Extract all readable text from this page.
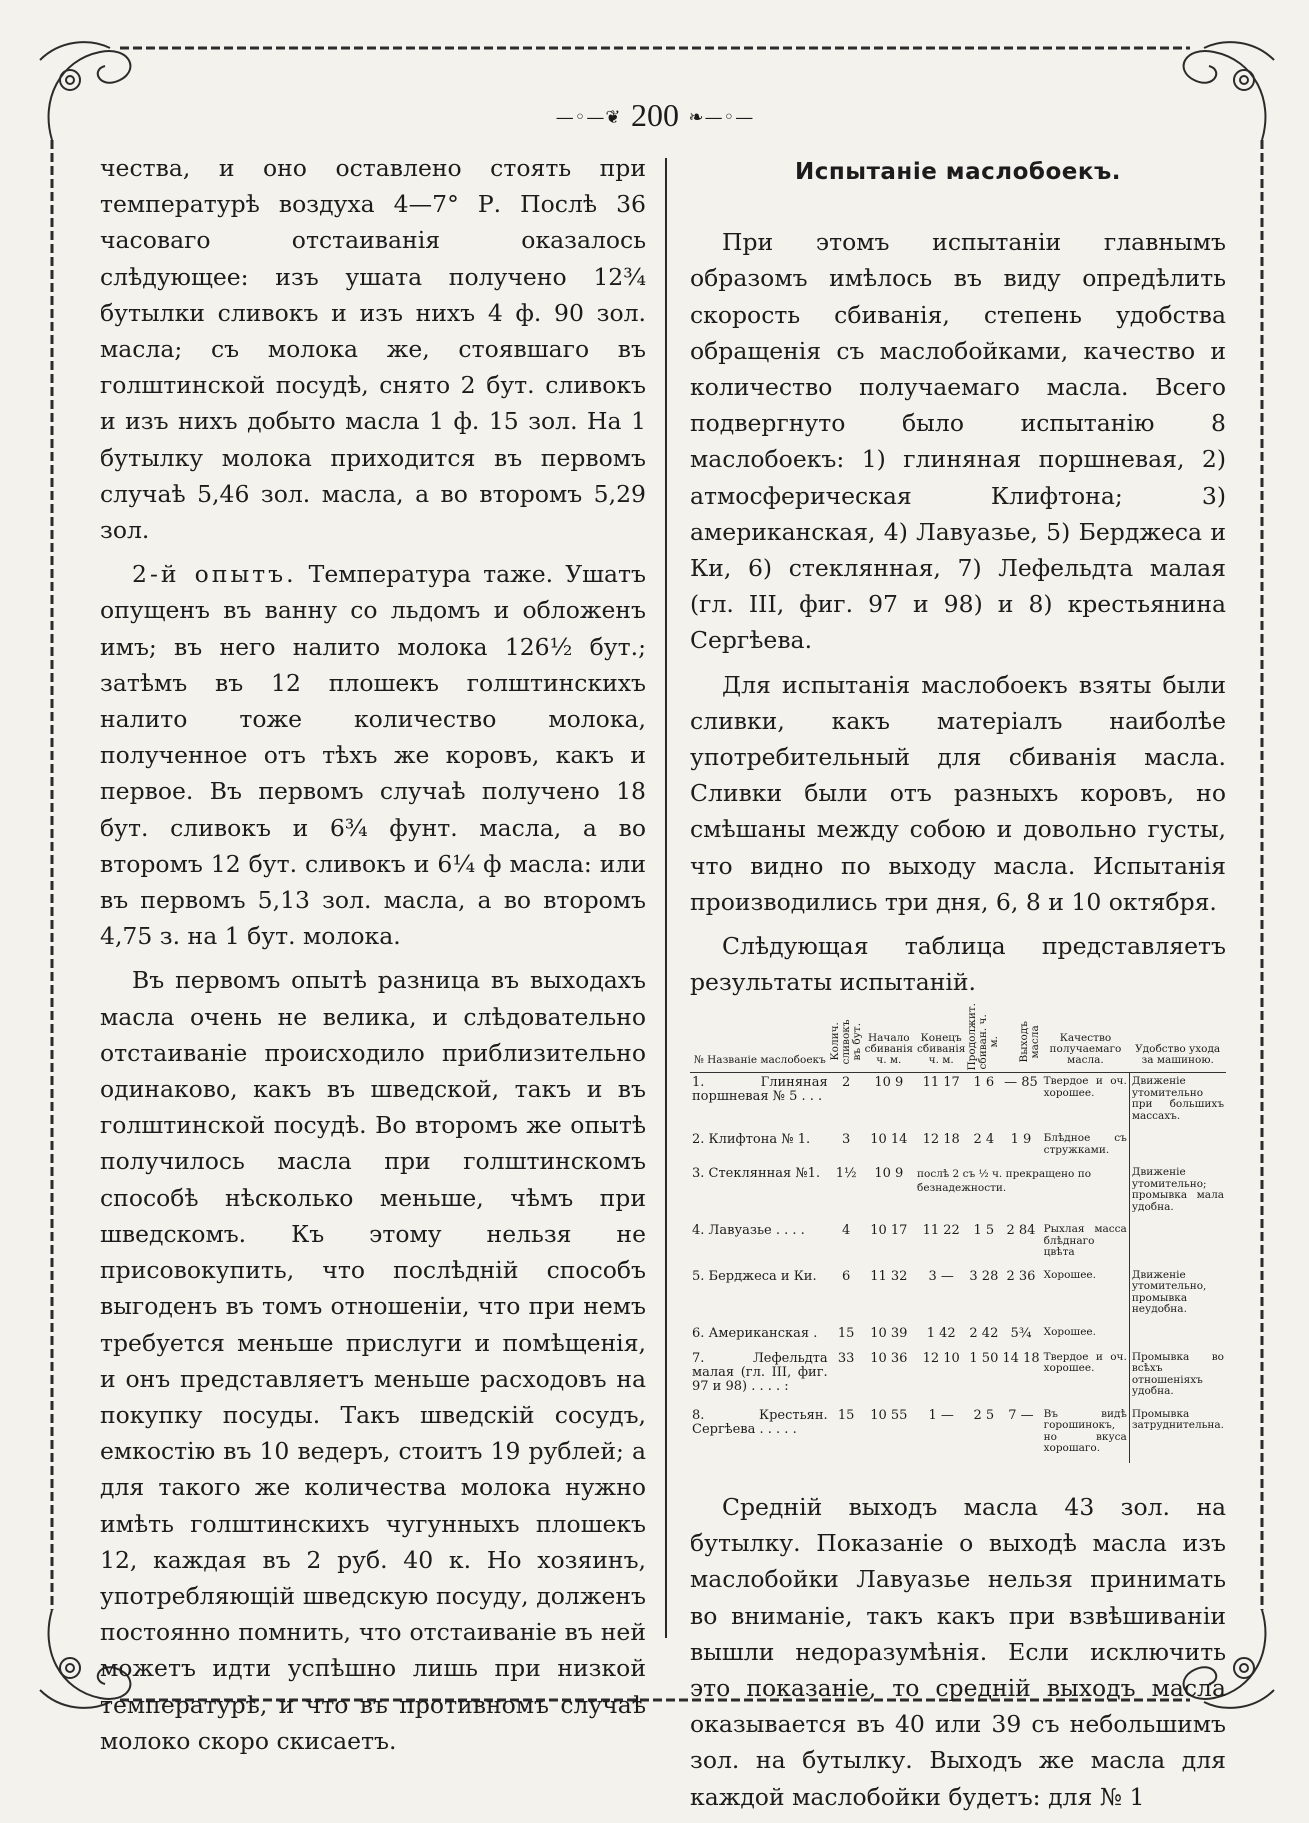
—◦—❦ 200 ❧—◦—

чества, и оно оставлено стоять при температурѣ воздуха 4—7° Р. Послѣ 36 часоваго отстаиванія оказалось слѣдующее: изъ ушата получено 12¾ бутылки сливокъ и изъ нихъ 4 ф. 90 зол. масла; съ молока же, стоявшаго въ голштинской посудѣ, снято 2 бут. сливокъ и изъ нихъ добыто масла 1 ф. 15 зол. На 1 бутылку молока приходится въ первомъ случаѣ 5,46 зол. масла, а во второмъ 5,29 зол.

2-й опытъ. Температура таже. Ушатъ опущенъ въ ванну со льдомъ и обложенъ имъ; въ него налито молока 126½ бут.; затѣмъ въ 12 плошекъ голштинскихъ налито тоже количество молока, полученное отъ тѣхъ же коровъ, какъ и первое. Въ первомъ случаѣ получено 18 бут. сливокъ и 6¾ фунт. масла, а во второмъ 12 бут. сливокъ и 6¼ ф масла: или въ первомъ 5,13 зол. масла, а во второмъ 4,75 з. на 1 бут. молока.

Въ первомъ опытѣ разница въ выходахъ масла очень не велика, и слѣдовательно отстаиваніе происходило приблизительно одинаково, какъ въ шведской, такъ и въ голштинской посудѣ. Во второмъ же опытѣ получилось масла при голштинскомъ способѣ нѣсколько меньше, чѣмъ при шведскомъ. Къ этому нельзя не присовокупить, что послѣдній способъ выгоденъ въ томъ отношеніи, что при немъ требуется меньше прислуги и помѣщенія, и онъ представляетъ меньше расходовъ на покупку посуды. Такъ шведскій сосудъ, емкостію въ 10 ведеръ, стоитъ 19 рублей; а для такого же количества молока нужно имѣть голштинскихъ чугунныхъ плошекъ 12, каждая въ 2 руб. 40 к. Но хозяинъ, употребляющій шведскую посуду, долженъ постоянно помнить, что отстаиваніе въ ней можетъ идти успѣшно лишь при низкой температурѣ, и что въ противномъ случаѣ молоко скоро скисаетъ.

Испытаніе маслобоекъ.

При этомъ испытаніи главнымъ образомъ имѣлось въ виду опредѣлить скорость сбиванія, степень удобства обращенія съ маслобойками, качество и количество получаемаго масла. Всего подвергнуто было испытанію 8 маслобоекъ: 1) глиняная поршневая, 2) атмосферическая Клифтона; 3) американская, 4) Лавуазье, 5) Берджеса и Ки, 6) стеклянная, 7) Лефельдта малая (гл. III, фиг. 97 и 98) и 8) крестьянина Сергѣева.

Для испытанія маслобоекъ взяты были сливки, какъ матеріалъ наиболѣе употребительный для сбиванія масла. Сливки были отъ разныхъ коровъ, но смѣшаны между собою и довольно густы, что видно по выходу масла. Испытанія производились три дня, 6, 8 и 10 октября.

Слѣдующая таблица представляетъ результаты испытаній.

№ Названіе маслобоекъ	Колич. сливокъ въ бут.	Начало сбиванія ч. м.	Конецъ сбиванія ч. м.	Продолжит. сбиван. ч. м.	Выходъ масла	Качество получаемаго масла.	Удобство ухода за машиною.
1. Глиняная поршневая № 5 . . .	2	10 9	11 17	1 6	— 85	Твердое и оч. хорошее.	Движеніе утомительно при большихъ массахъ.
2. Клифтона № 1.	3	10 14	12 18	2 4	1 9	Блѣдное съ стружками.	
3. Стеклянная №1.	1½	10 9	послѣ 2 съ ½ ч. прекращено по безнадежности.				Движеніе утомительно; промывка мала удобна.
4. Лавуазье . . . .	4	10 17	11 22	1 5	2 84	Рыхлая масса блѣднаго цвѣта	
5. Берджеса и Ки.	6	11 32	3 —	3 28	2 36	Хорошее.	Движеніе утомительно, промывка неудобна.
6. Американская .	15	10 39	1 42	2 42	5¾	Хорошее.	
7. Лефельдта малая (гл. III, фиг. 97 и 98) . . . . :	33	10 36	12 10	1 50	14 18	Твердое и оч. хорошее.	Промывка во всѣхъ отношеніяхъ удобна.
8. Крестьян. Сергѣева . . . . .	15	10 55	1 —	2 5	7 —	Въ видѣ горошинокъ, но вкуса хорошаго.	Промывка затруднительна.

Средній выходъ масла 43 зол. на бутылку. Показаніе о выходѣ масла изъ маслобойки Лавуазье нельзя принимать во вниманіе, такъ какъ при взвѣшиваніи вышли недоразумѣнія. Если исключить это показаніе, то средній выходъ масла оказывается въ 40 или 39 съ небольшимъ зол. на бутылку. Выходъ же масла для каждой маслобойки будетъ: для № 1
